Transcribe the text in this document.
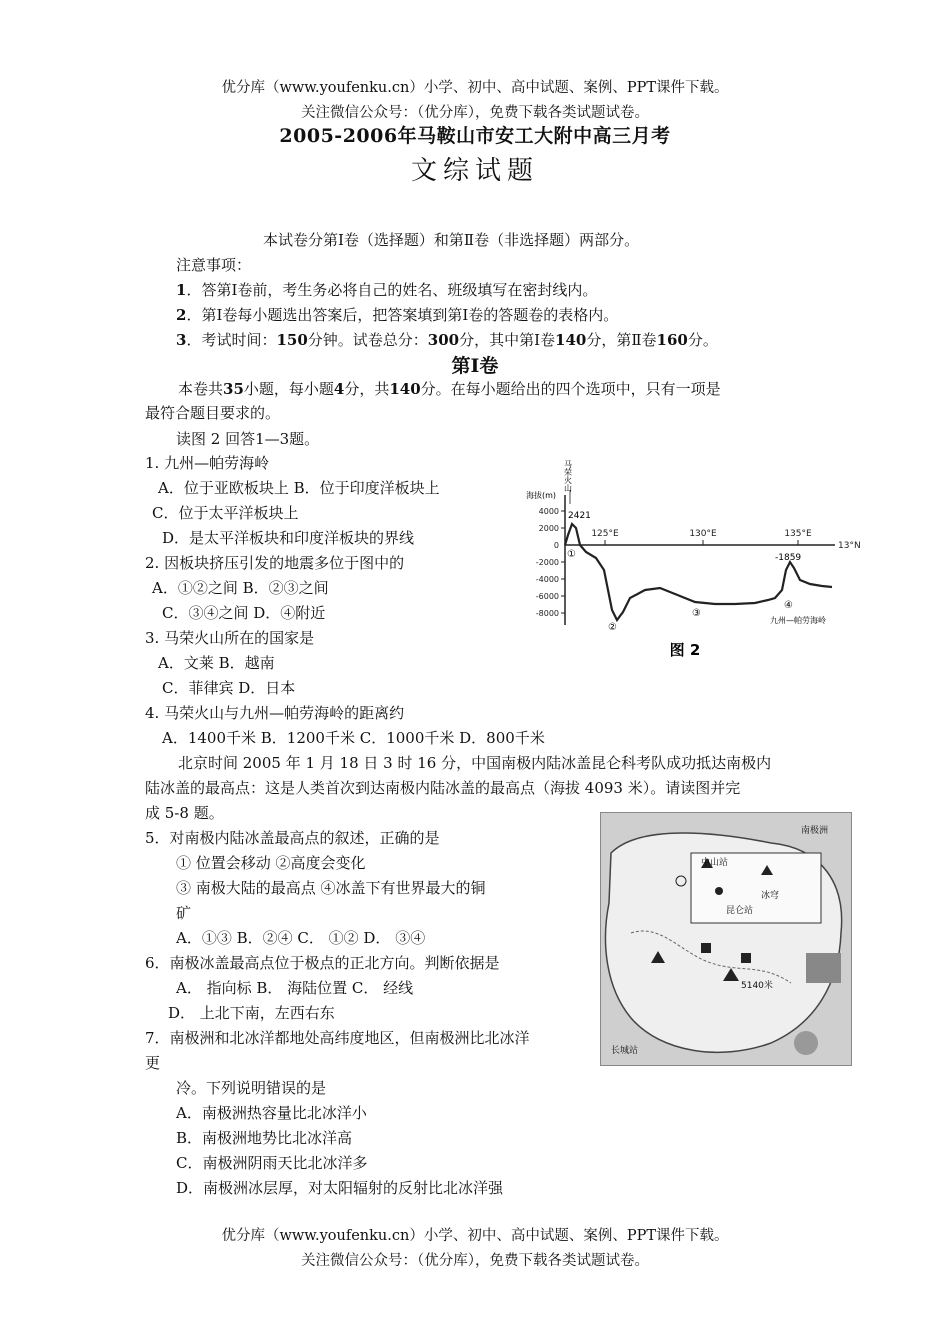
优分库（www.youfenku.cn）小学、初中、高中试题、案例、PPT课件下载。
关注微信公众号：（优分库），免费下载各类试题试卷。
2005-2006年马鞍山市安工大附中高三月考
文综试题
本试卷分第Ⅰ卷（选择题）和第Ⅱ卷（非选择题）两部分。
注意事项：
1．答第Ⅰ卷前，考生务必将自己的姓名、班级填写在密封线内。
2．第Ⅰ卷每小题选出答案后，把答案填到第Ⅰ卷的答题卷的表格内。
3．考试时间：150分钟。试卷总分：300分，其中第Ⅰ卷140分，第Ⅱ卷160分。
第Ⅰ卷
本卷共35小题，每小题4分，共140分。在每小题给出的四个选项中，只有一项是
最符合题目要求的。
读图 2 回答1—3题。
1. 九州—帕劳海岭
A．位于亚欧板块上 B．位于印度洋板块上
C．位于太平洋板块上
D．是太平洋板块和印度洋板块的界线
2. 因板块挤压引发的地震多位于图中的
A．①②之间 B．②③之间
C．③④之间 D．④附近
3. 马荣火山所在的国家是
A．文莱 B．越南
C．菲律宾 D．日本
4. 马荣火山与九州—帕劳海岭的距离约
A．1400千米 B．1200千米 C．1000千米 D．800千米
北京时间 2005 年 1 月 18 日 3 时 16 分，中国南极内陆冰盖昆仑科考队成功抵达南极内
陆冰盖的最高点：这是人类首次到达南极内陆冰盖的最高点（海拔 4093 米）。请读图并完
成 5-8 题。
5．对南极内陆冰盖最高点的叙述，正确的是
① 位置会移动 ②高度会变化
③ 南极大陆的最高点 ④冰盖下有世界最大的铜
矿
A．①③ B．②④ C． ①② D． ③④
6．南极冰盖最高点位于极点的正北方向。判断依据是
A． 指向标 B． 海陆位置 C． 经线
D． 上北下南，左西右东
7．南极洲和北冰洋都地处高纬度地区，但南极洲比北冰洋
更
冷。下列说明错误的是
A．南极洲热容量比北冰洋小
B．南极洲地势比北冰洋高
C．南极洲阴雨天比北冰洋多
D．南极洲冰层厚，对太阳辐射的反射比北冰洋强
4000
2000
0
-2000
-4000
-6000
-8000
125°E	130°E	135°E
13°N
海拔(m)
马荣火山
2421
-1859
①
②
③
④
九州—帕劳海岭
图 2
中山站
昆仑站
长城站
冰穹
5140米
南极洲
优分库（www.youfenku.cn）小学、初中、高中试题、案例、PPT课件下载。
关注微信公众号：（优分库），免费下载各类试题试卷。
